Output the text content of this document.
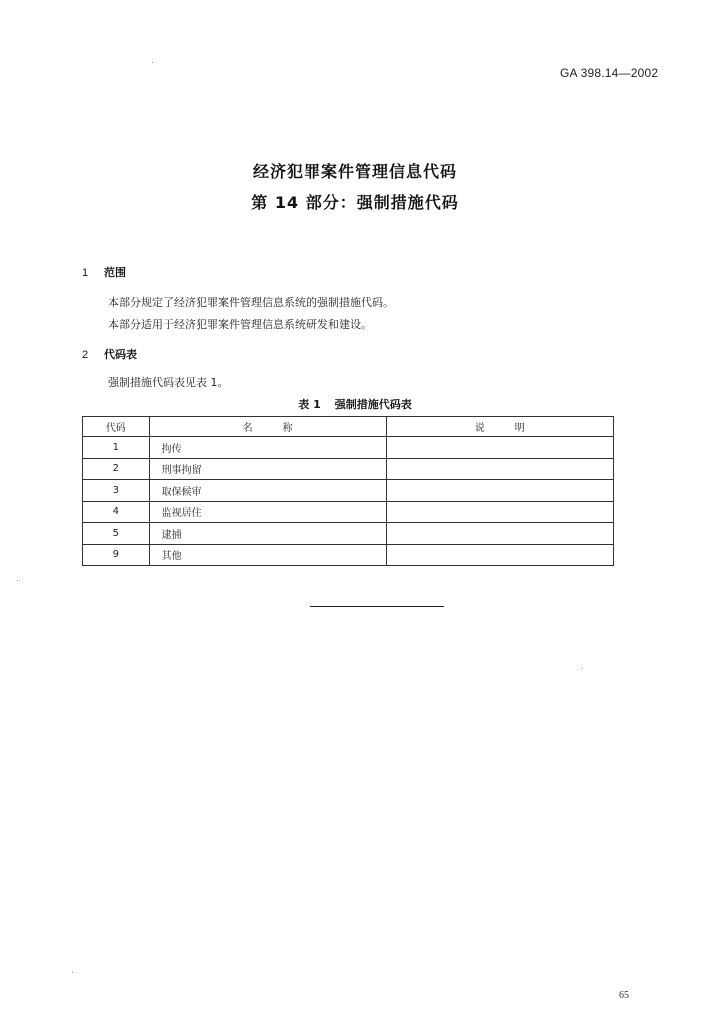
GA 398.14—2002
经济犯罪案件管理信息代码
第 14 部分：强制措施代码
1 范围
本部分规定了经济犯罪案件管理信息系统的强制措施代码。
本部分适用于经济犯罪案件管理信息系统研发和建设。
2 代码表
强制措施代码表见表 1。
表 1 强制措施代码表
代码	名称	说明
1	拘传	
2	刑事拘留	
3	取保候审	
4	监视居住	
5	逮捕	
9	其他	
65
